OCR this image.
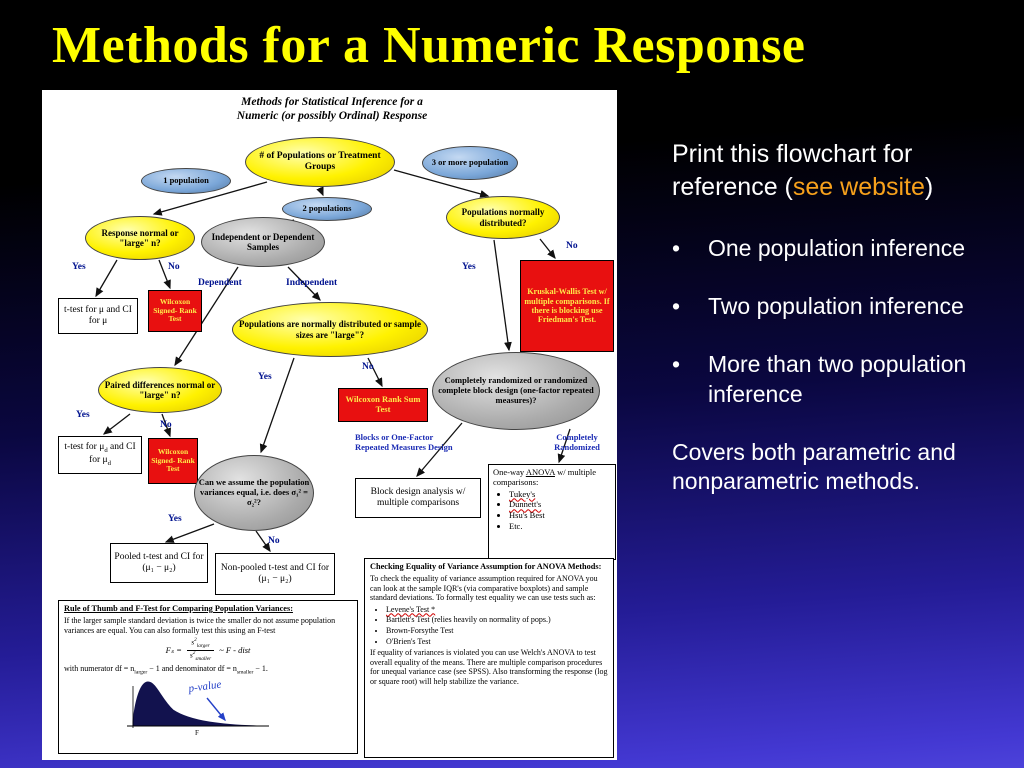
Methods for a Numeric Response
Methods for Statistical Inference for a
Numeric (or possibly Ordinal) Response
# of Populations or Treatment Groups
1 population
3 or more population
2 populations
Response normal or "large" n?
Independent or Dependent Samples
Populations normally distributed?
Yes	No
Dependent	Independent
Yes
No
Yes
No
Yes
No
Yes
No
t-test for μ and CI for μ
Wilcoxon Signed- Rank Test
Kruskal-Wallis Test w/ multiple comparisons. If there is blocking use Friedman's Test.
Populations are normally distributed or sample sizes are "large"?
Paired differences normal or "large" n?	Wilcoxon Rank Sum Test
Completely randomized or randomized complete block design (one-factor repeated measures)?
t-test for $\mu_d$ and CI for $\mu_d$
Wilcoxon Signed- Rank Test
Can we assume the population variances equal, i.e. does σ₁² = σ₂²?
Blocks or One-Factor Repeated Measures Design
Completely Randomized
Block design analysis w/ multiple comparisons
One-way ANOVA w/ multiple comparisons:
• Tukey's
• Dunnett's
• Hsu's Best
• Etc.
Pooled t-test and CI for (μ₁ − μ₂)	Non-pooled t-test and CI for (μ₁ − μ₂)
Rule of Thumb and F-Test for Comparing Population Variances:
If the larger sample standard deviation is twice the smaller do not assume population variances are equal. You can also formally test this using an F-test
$F_s = \frac{s^2_{larger}}{s^2_{smaller}}$ ~ F - dist
with numerator df = $n_{larger} - 1$ and denominator df = $n_{smaller} - 1$.
p-value
F
Checking Equality of Variance Assumption for ANOVA Methods:
To check the equality of variance assumption required for ANOVA you can look at the sample IQR's (via comparative boxplots) and sample standard deviations. To formally test equality we can use tests such as:
• Levene's Test *
• Bartlett's Test (relies heavily on normality of pops.)
• Brown-Forsythe Test
• O'Brien's Test
If equality of variances is violated you can use Welch's ANOVA to test overall equality of the means. There are multiple comparison procedures for unequal variance case (see SPSS). Also transforming the response (log or square root) will help stabilize the variance.
Print this flowchart for reference (see website)
• One population inference
• Two population inference
• More than two population inference
Covers both parametric and nonparametric methods.
